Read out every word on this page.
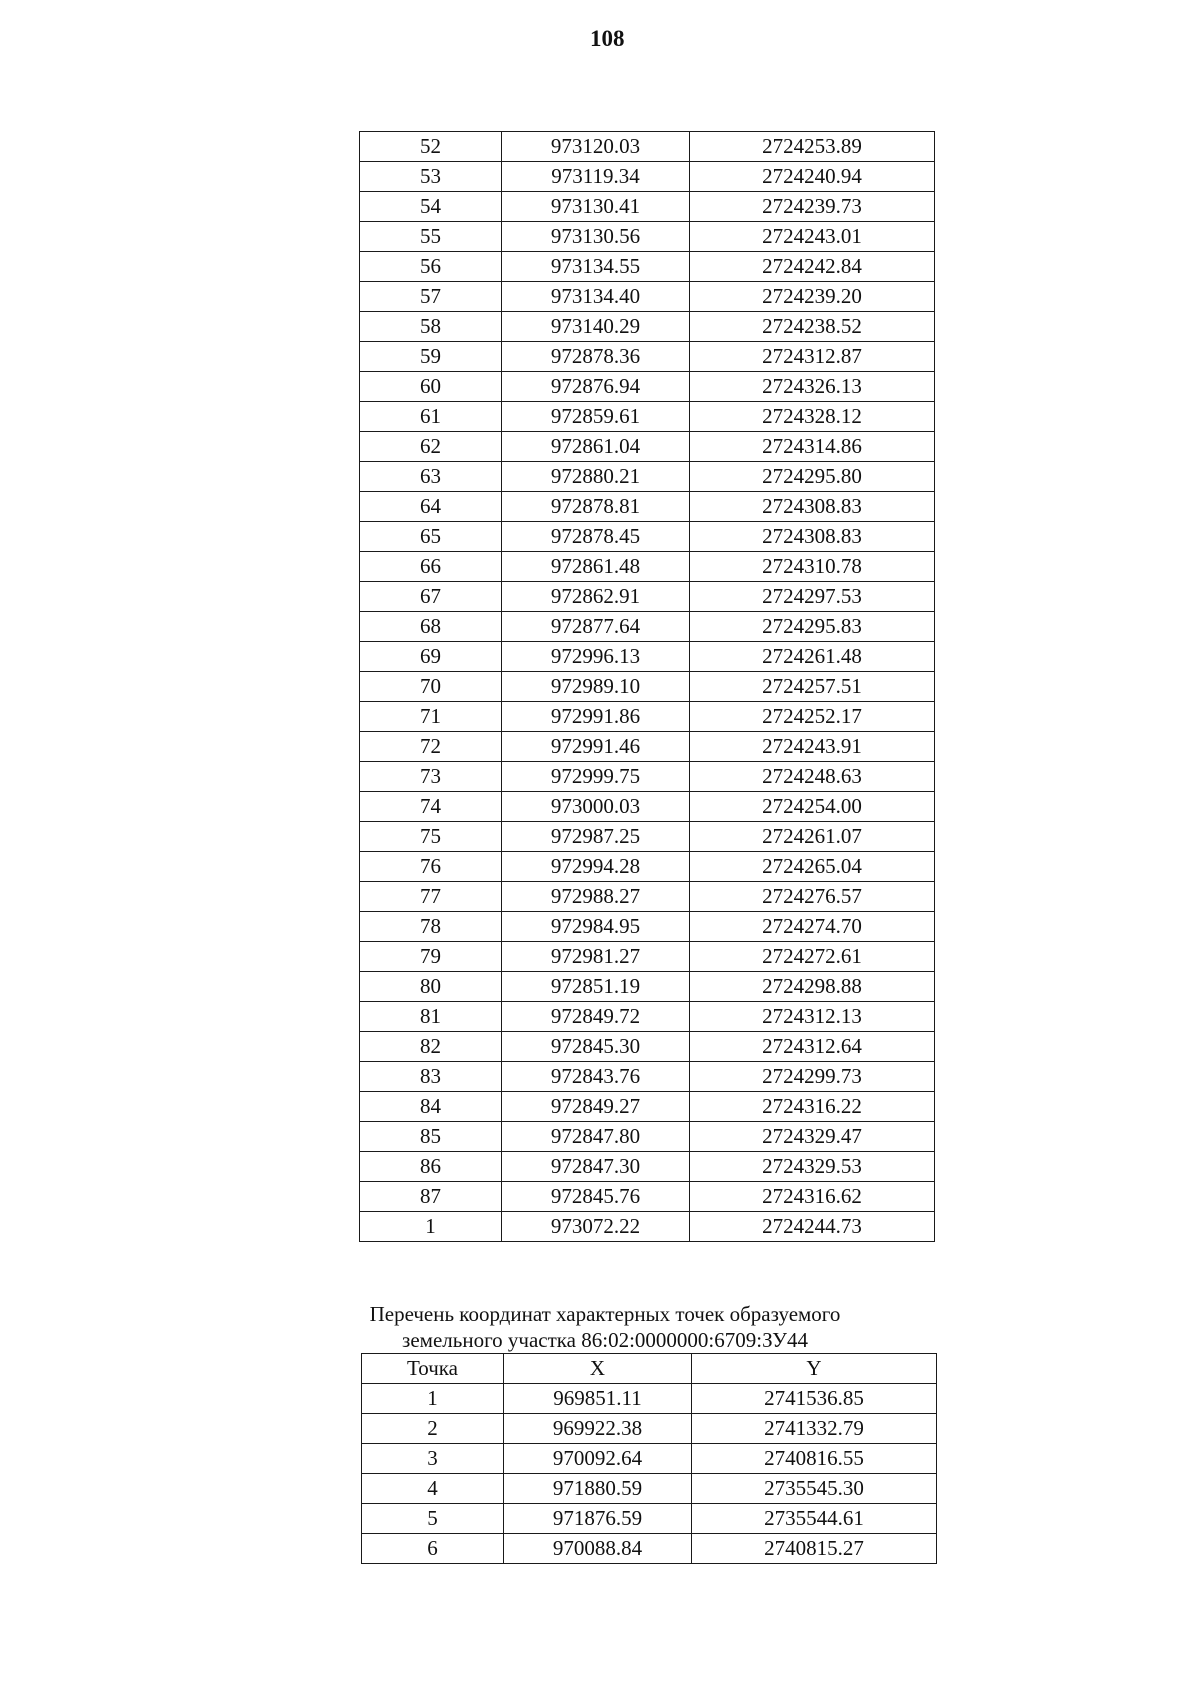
108
52	973120.03	2724253.89
53	973119.34	2724240.94
54	973130.41	2724239.73
55	973130.56	2724243.01
56	973134.55	2724242.84
57	973134.40	2724239.20
58	973140.29	2724238.52
59	972878.36	2724312.87
60	972876.94	2724326.13
61	972859.61	2724328.12
62	972861.04	2724314.86
63	972880.21	2724295.80
64	972878.81	2724308.83
65	972878.45	2724308.83
66	972861.48	2724310.78
67	972862.91	2724297.53
68	972877.64	2724295.83
69	972996.13	2724261.48
70	972989.10	2724257.51
71	972991.86	2724252.17
72	972991.46	2724243.91
73	972999.75	2724248.63
74	973000.03	2724254.00
75	972987.25	2724261.07
76	972994.28	2724265.04
77	972988.27	2724276.57
78	972984.95	2724274.70
79	972981.27	2724272.61
80	972851.19	2724298.88
81	972849.72	2724312.13
82	972845.30	2724312.64
83	972843.76	2724299.73
84	972849.27	2724316.22
85	972847.80	2724329.47
86	972847.30	2724329.53
87	972845.76	2724316.62
1	973072.22	2724244.73
Перечень координат характерных точек образуемого
земельного участка 86:02:0000000:6709:ЗУ44
Точка	X	Y
1	969851.11	2741536.85
2	969922.38	2741332.79
3	970092.64	2740816.55
4	971880.59	2735545.30
5	971876.59	2735544.61
6	970088.84	2740815.27
